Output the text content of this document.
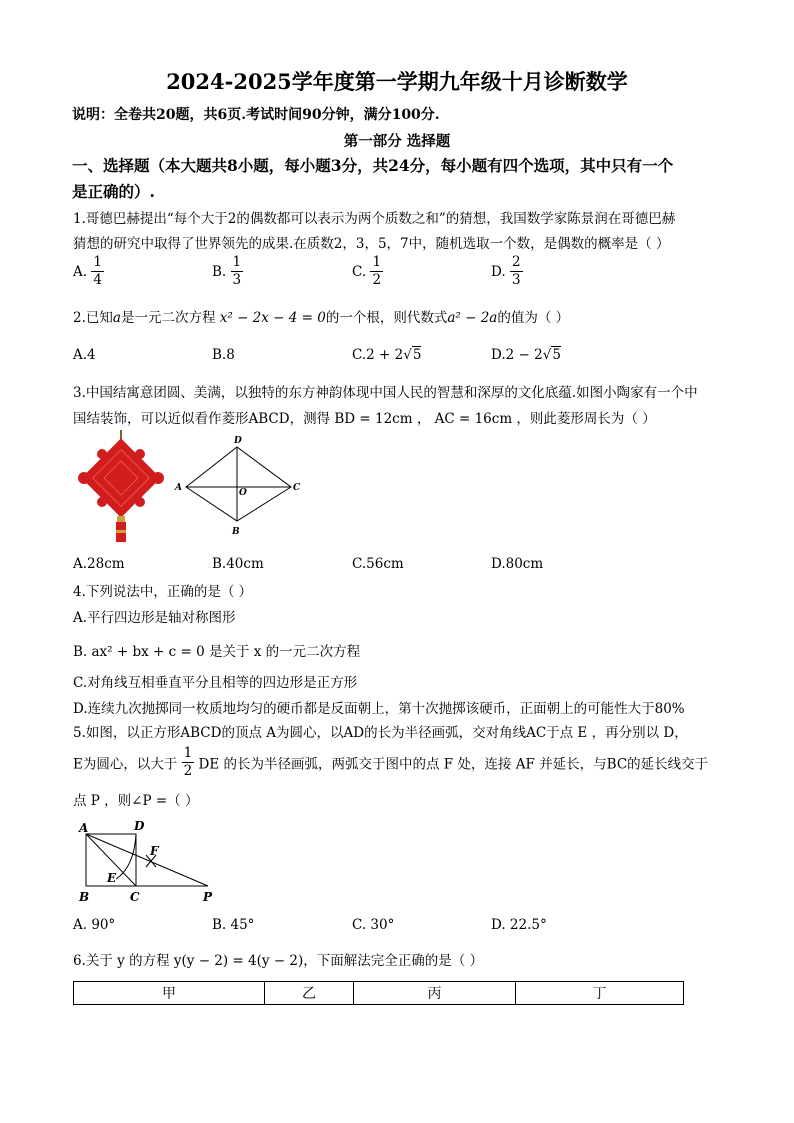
2024-2025学年度第一学期九年级十月诊断数学
说明：全卷共20题，共6页.考试时间90分钟，满分100分.
第一部分 选择题
一、选择题（本大题共8小题，每小题3分，共24分，每小题有四个选项，其中只有一个
是正确的）.
1.哥德巴赫提出“每个大于2的偶数都可以表示为两个质数之和”的猜想，我国数学家陈景润在哥德巴赫
猜想的研究中取得了世界领先的成果.在质数2，3，5，7中，随机选取一个数，是偶数的概率是（ ）
A. $\frac{1}{4}$	B. $\frac{1}{3}$	C. $\frac{1}{2}$	D. $\frac{2}{3}$
2.已知a是一元二次方程 x² − 2x − 4 = 0的一个根，则代数式a² − 2a的值为（ ）
A.4	B.8	C.2 + 2√5	D.2 − 2√5
3.中国结寓意团圆、美满，以独特的东方神韵体现中国人民的智慧和深厚的文化底蕴.如图小陶家有一个中
国结装饰，可以近似看作菱形ABCD，测得 BD = 12cm ， AC = 16cm ，则此菱形周长为（ ）
D
A	C
B
O
A.28cm	B.40cm	C.56cm	D.80cm
4.下列说法中，正确的是（ ）
A.平行四边形是轴对称图形
B. ax² + bx + c = 0 是关于 x 的一元二次方程
C.对角线互相垂直平分且相等的四边形是正方形
D.连续九次抛掷同一枚质地均匀的硬币都是反面朝上，第十次抛掷该硬币，正面朝上的可能性大于80%
5.如图，以正方形ABCD的顶点 A为圆心，以AD的长为半径画弧，交对角线AC于点 E ，再分别以 D，
E为圆心，以大于 $\frac{1}{2}$ DE 的长为半径画弧，两弧交于图中的点 F 处，连接 AF 并延长，与BC的延长线交于
点 P ，则∠P =（ ）
A	D
B	C
E
F
P
A. 90°	B. 45°	C. 30°	D. 22.5°
6.关于 y 的方程 y(y − 2) = 4(y − 2)，下面解法完全正确的是（ ）
甲	乙	丙	丁
